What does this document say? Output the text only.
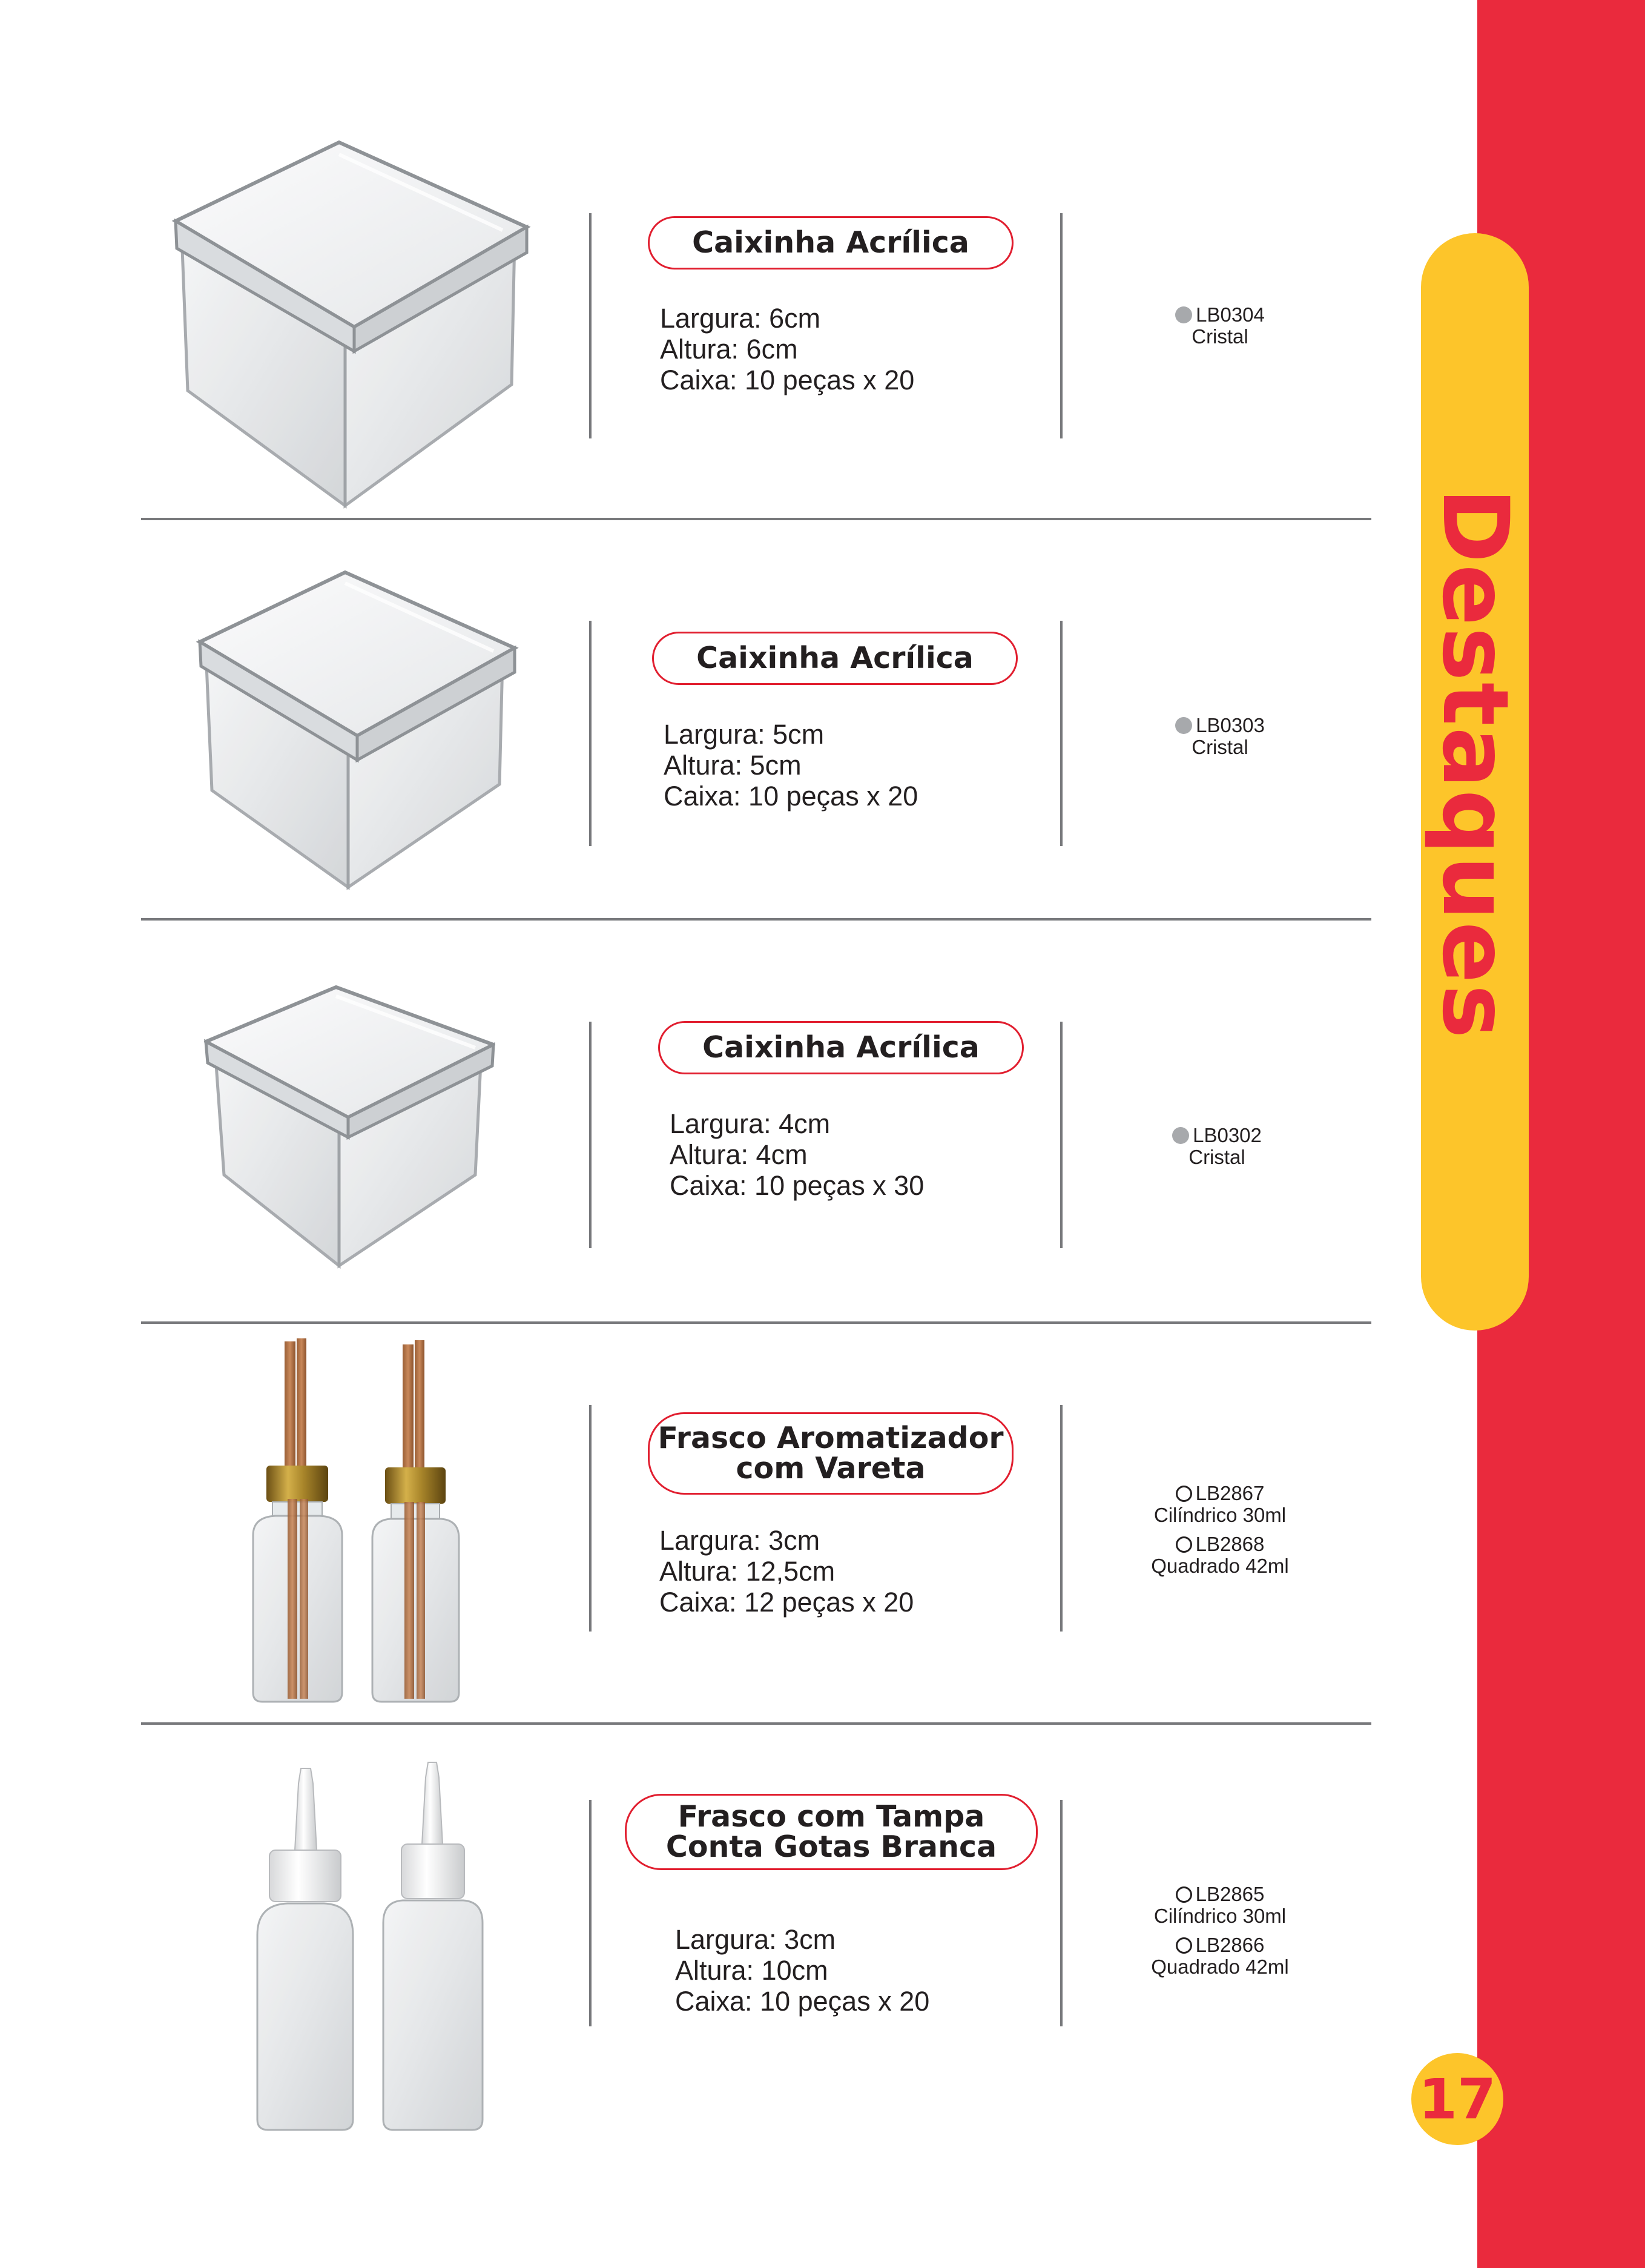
Destaques
17
Caixinha Acrílica
Largura: 6cm
Altura: 6cm
Caixa: 10 peças x 20
LB0304
Cristal
Caixinha Acrílica
Largura: 5cm
Altura: 5cm
Caixa: 10 peças x 20
LB0303
Cristal
Caixinha Acrílica
Largura: 4cm
Altura: 4cm
Caixa: 10 peças x 30
LB0302
Cristal
Frasco Aromatizador
com Vareta
Largura: 3cm
Altura: 12,5cm
Caixa: 12 peças x 20
LB2867
Cilíndrico 30ml
LB2868
Quadrado 42ml
Frasco com Tampa
Conta Gotas Branca
Largura: 3cm
Altura: 10cm
Caixa: 10 peças x 20
LB2865
Cilíndrico 30ml
LB2866
Quadrado 42ml
